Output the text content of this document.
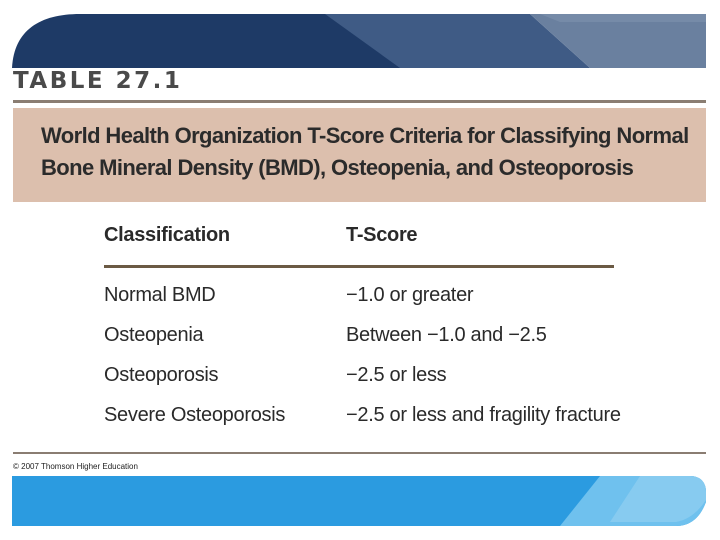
TABLE 27.1
World Health Organization T-Score Criteria for Classifying Normal
Bone Mineral Density (BMD), Osteopenia, and Osteoporosis
Classification	T-Score
Normal BMD	−1.0 or greater
Osteopenia	Between −1.0 and −2.5
Osteoporosis	−2.5 or less
Severe Osteoporosis	−2.5 or less and fragility fracture
© 2007 Thomson Higher Education
